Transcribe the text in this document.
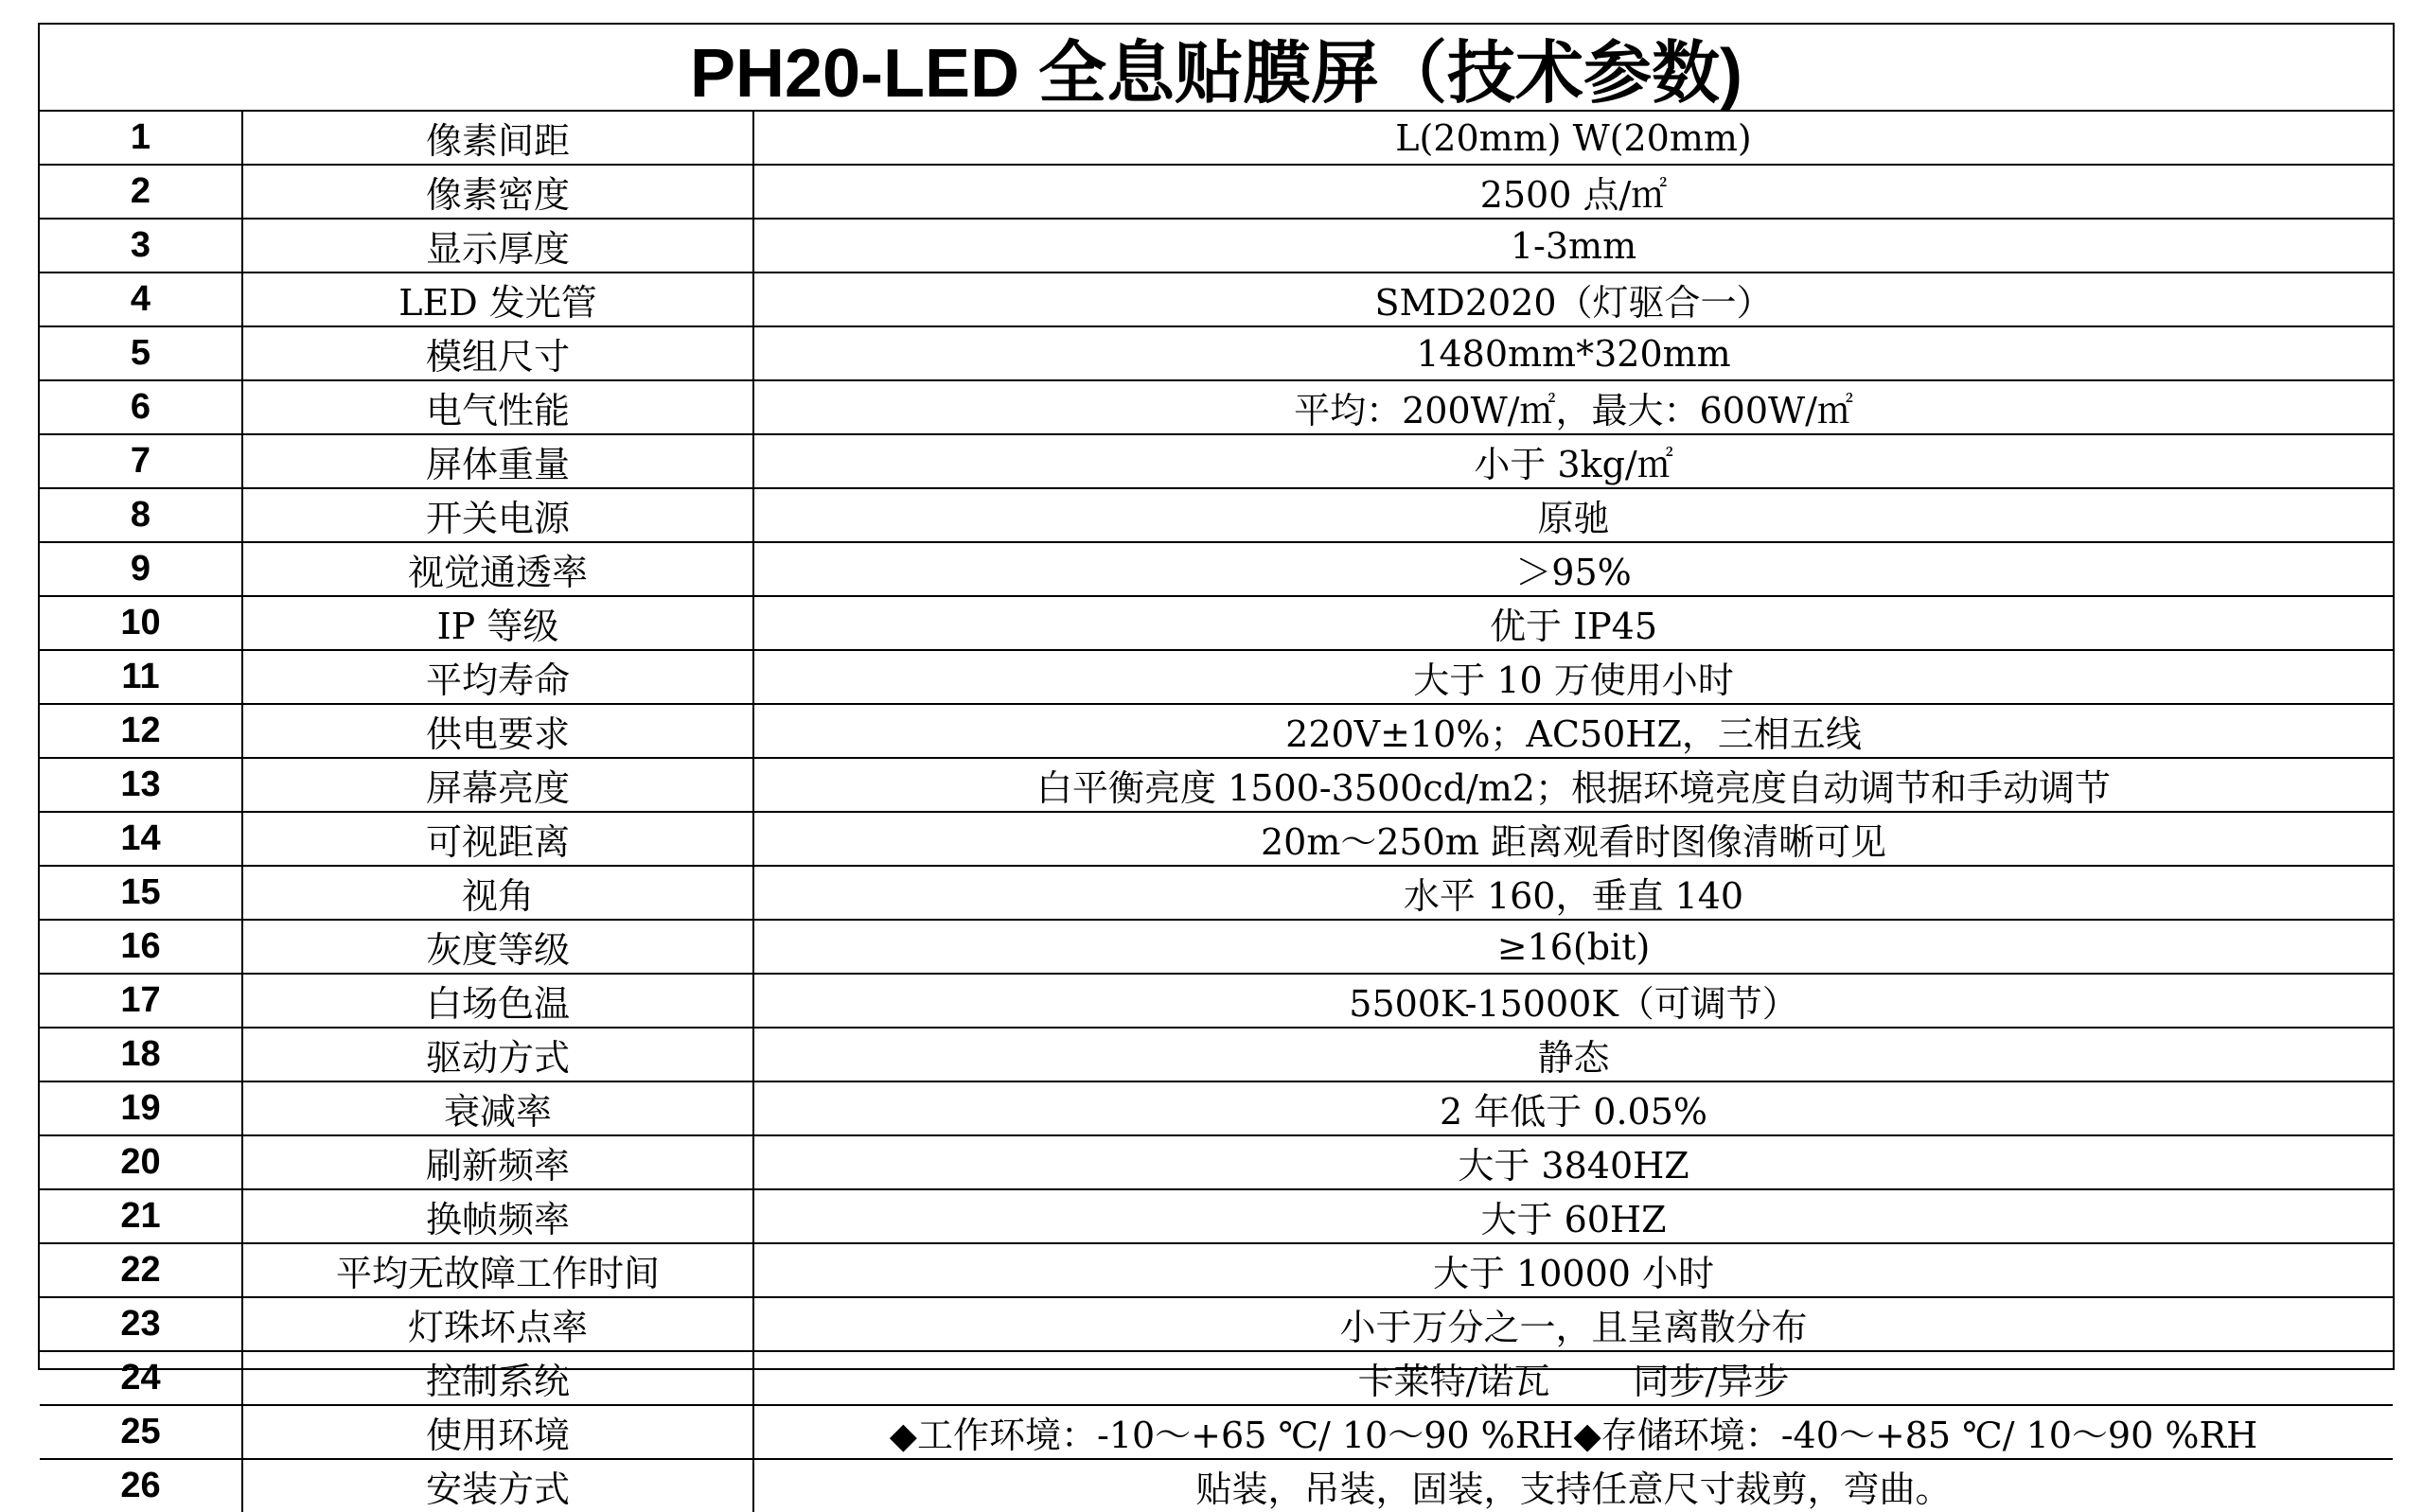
PH20-LED 全息贴膜屏（技术参数)
1	像素间距	L(20mm) W(20mm)
2	像素密度	2500 点/㎡
3	显示厚度	1-3mm
4	LED 发光管	SMD2020（灯驱合一）
5	模组尺寸	1480mm*320mm
6	电气性能	平均：200W/㎡，最大：600W/㎡
7	屏体重量	小于 3kg/㎡
8	开关电源	原驰
9	视觉通透率	＞95%
10	IP 等级	优于 IP45
11	平均寿命	大于 10 万使用小时
12	供电要求	220V±10%；AC50HZ，三相五线
13	屏幕亮度	白平衡亮度 1500-3500cd/m2；根据环境亮度自动调节和手动调节
14	可视距离	20m～250m 距离观看时图像清晰可见
15	视角	水平 160，垂直 140
16	灰度等级	≥16(bit)
17	白场色温	5500K-15000K（可调节）
18	驱动方式	静态
19	衰减率	2 年低于 0.05%
20	刷新频率	大于 3840HZ
21	换帧频率	大于 60HZ
22	平均无故障工作时间	大于 10000 小时
23	灯珠坏点率	小于万分之一，且呈离散分布
24	控制系统	卡莱特/诺瓦　　 同步/异步
25	使用环境	◆工作环境：-10～+65 ℃/ 10～90 %RH◆存储环境：-40～+85 ℃/ 10～90 %RH
26	安装方式	贴装，吊装，固装，支持任意尺寸裁剪，弯曲。
